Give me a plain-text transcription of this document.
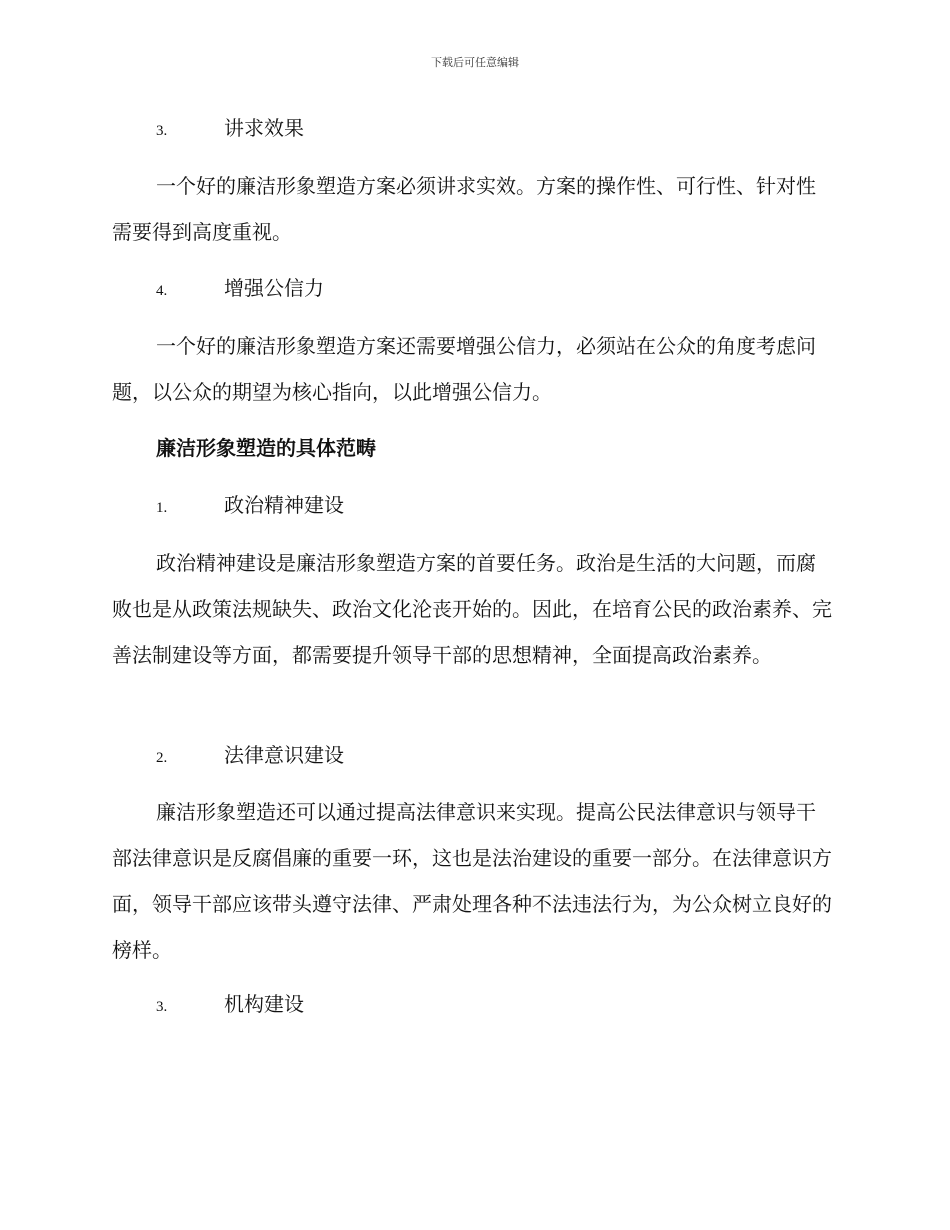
下载后可任意编辑
3.	讲求效果

一个好的廉洁形象塑造方案必须讲求实效。方案的操作性、可行性、针对性需要得到高度重视。

4.	增强公信力

一个好的廉洁形象塑造方案还需要增强公信力，必须站在公众的角度考虑问题，以公众的期望为核心指向，以此增强公信力。

廉洁形象塑造的具体范畴
1.	政治精神建设

政治精神建设是廉洁形象塑造方案的首要任务。政治是生活的大问题，而腐败也是从政策法规缺失、政治文化沦丧开始的。因此，在培育公民的政治素养、完善法制建设等方面，都需要提升领导干部的思想精神，全面提高政治素养。

2.	法律意识建设

廉洁形象塑造还可以通过提高法律意识来实现。提高公民法律意识与领导干部法律意识是反腐倡廉的重要一环，这也是法治建设的重要一部分。在法律意识方面，领导干部应该带头遵守法律、严肃处理各种不法违法行为，为公众树立良好的榜样。

3.	机构建设
